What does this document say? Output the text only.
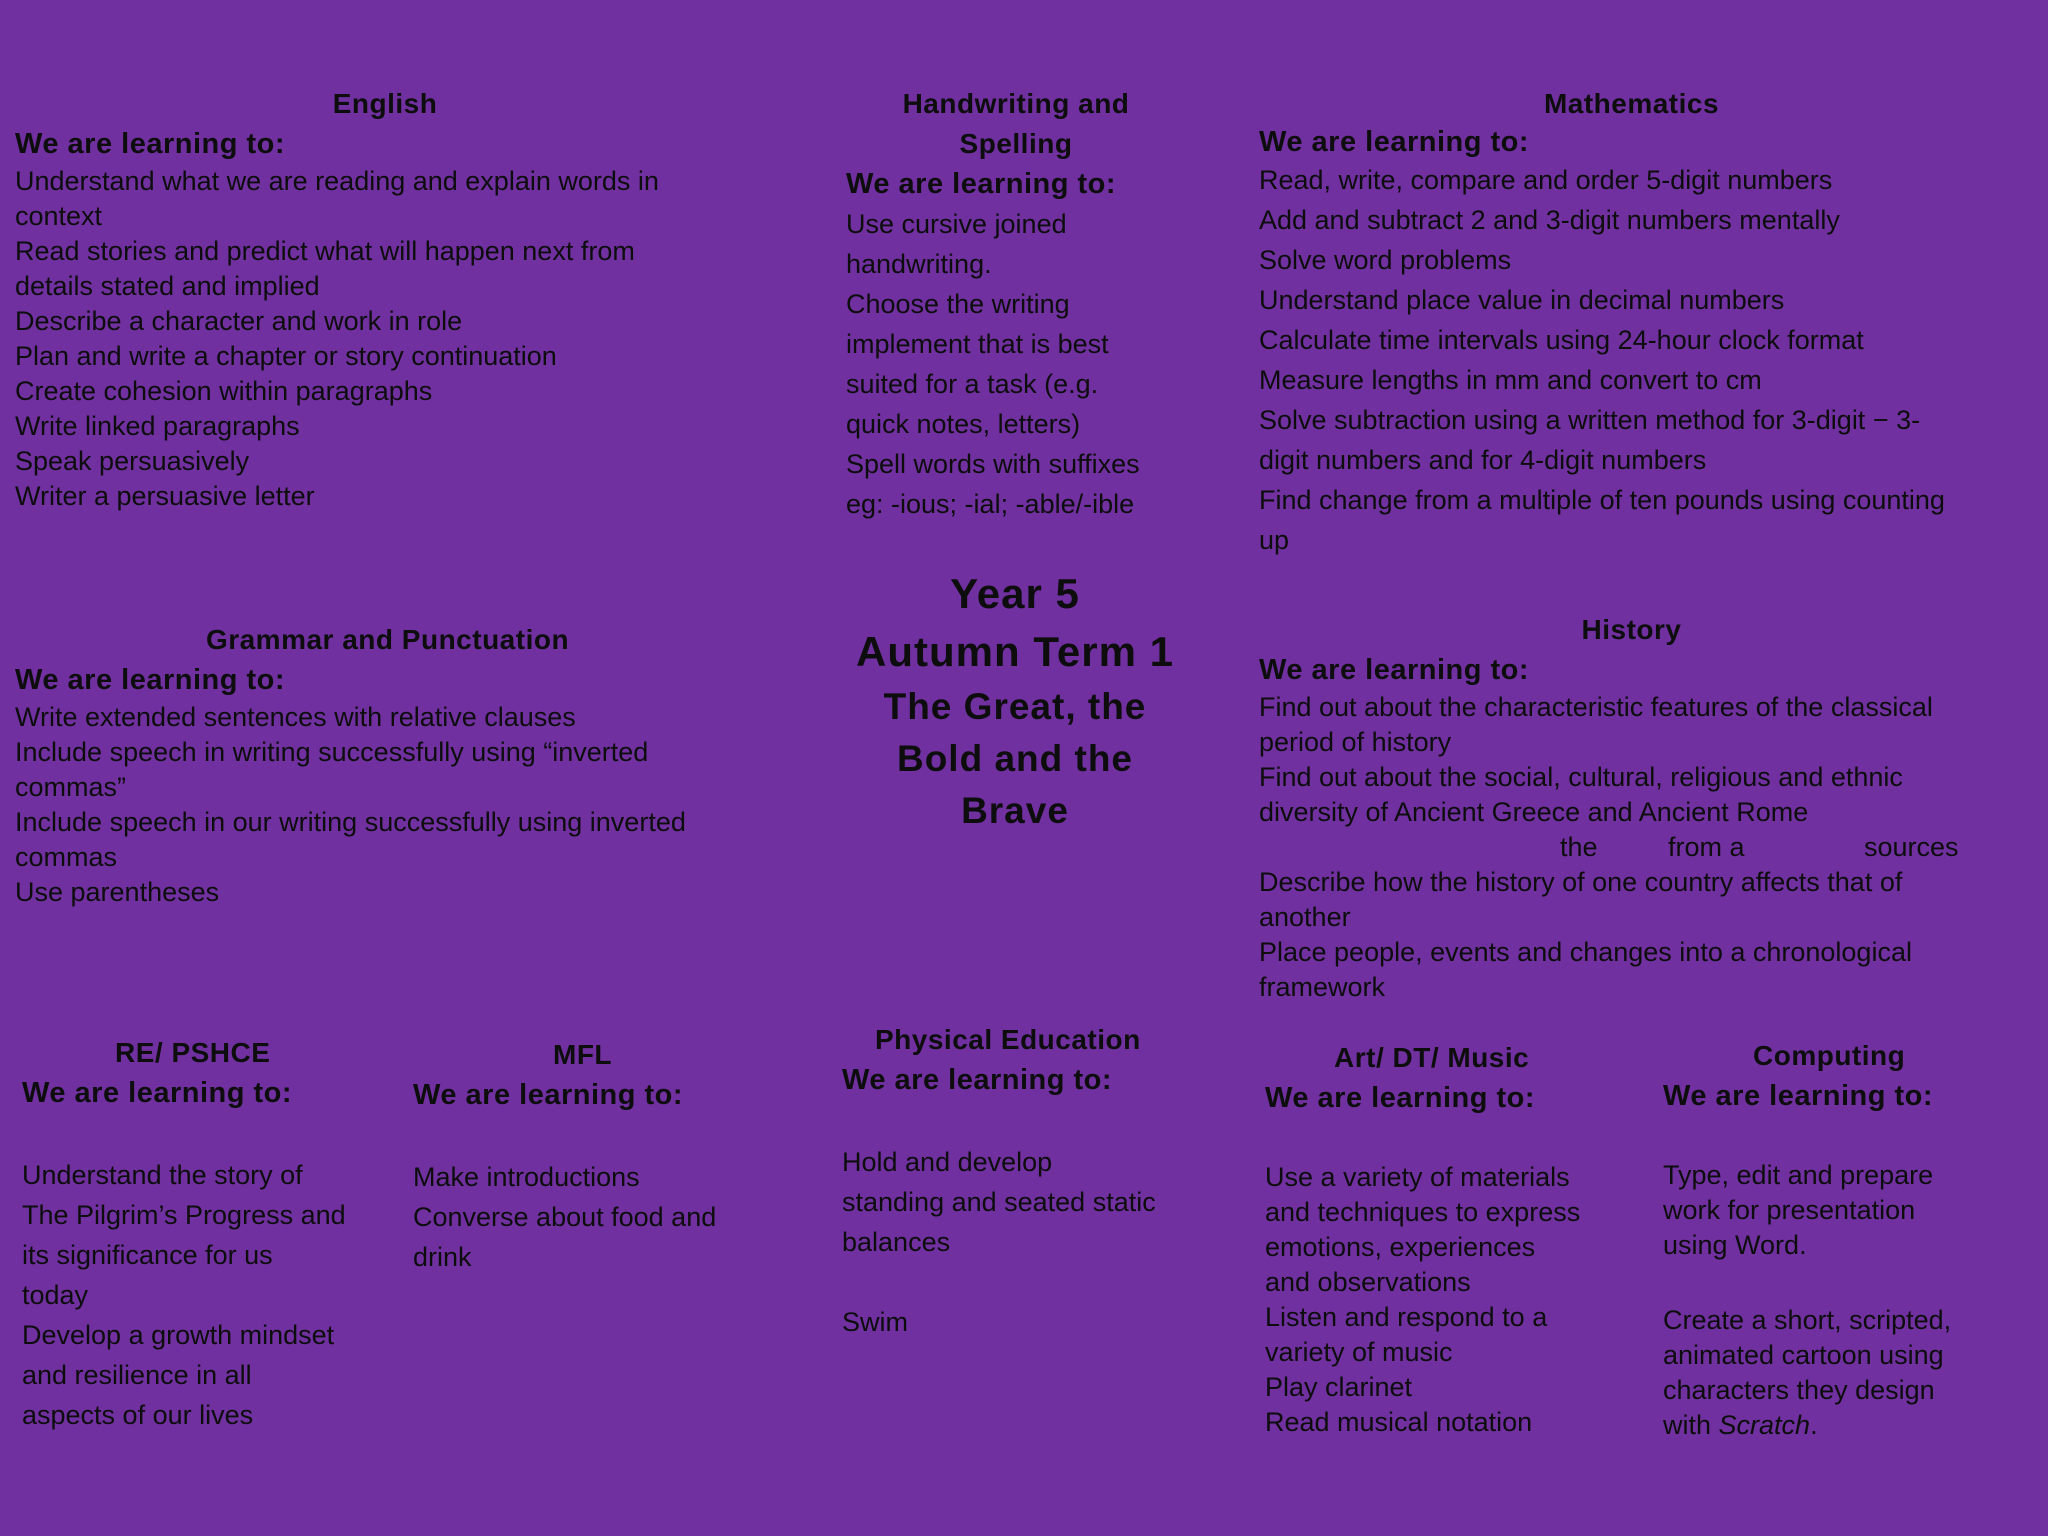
English
We are learning to:
Understand what we are reading and explain words in
context
Read stories and predict what will happen next from
details stated and implied
Describe a character and work in role
Plan and write a chapter or story continuation
Create cohesion within paragraphs
Write linked paragraphs
Speak persuasively
Writer a persuasive letter
Handwriting and
Spelling
We are learning to:
Use cursive joined
handwriting.
Choose the writing
implement that is best
suited for a task (e.g.
quick notes, letters)
Spell words with suffixes
eg: -ious; -ial; -able/-ible
Mathematics
We are learning to:
Read, write, compare and order 5-digit numbers
Add and subtract 2 and 3-digit numbers mentally
Solve word problems
Understand place value in decimal numbers
Calculate time intervals using 24-hour clock format
Measure lengths in mm and convert to cm
Solve subtraction using a written method for 3-digit − 3-
digit numbers and for 4-digit numbers
Find change from a multiple of ten pounds using counting
up
Year 5
Autumn Term 1
The Great, the
Bold and the
Brave
Grammar and Punctuation
We are learning to:
Write extended sentences with relative clauses
Include speech in writing successfully using “inverted
commas”
Include speech in our writing successfully using inverted
commas
Use parentheses
History
We are learning to:
Find out about the characteristic features of the classical
period of history
Find out about the social, cultural, religious and ethnic
diversity of Ancient Greece and Ancient Rome
the	from a	sources
Describe how the history of one country affects that of
another
Place people, events and changes into a chronological
framework
RE/ PSHCE
We are learning to:
Understand the story of
The Pilgrim’s Progress and
its significance for us
today
Develop a growth mindset
and resilience in all
aspects of our lives
MFL
We are learning to:
Make introductions
Converse about food and
drink
Physical Education
We are learning to:
Hold and develop
standing and seated static
balances
Swim
Art/ DT/ Music
We are learning to:
Use a variety of materials
and techniques to express
emotions, experiences
and observations
Listen and respond to a
variety of music
Play clarinet
Read musical notation
Computing
We are learning to:
Type, edit and prepare
work for presentation
using Word.
Create a short, scripted,
animated cartoon using
characters they design
with Scratch.
